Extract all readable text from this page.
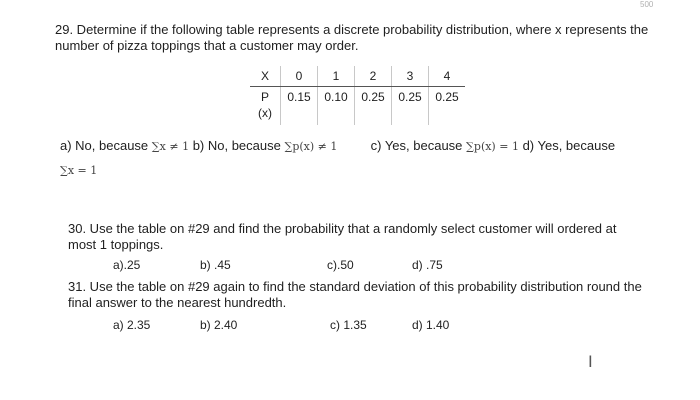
500
29. Determine if the following table represents a discrete probability distribution, where x represents the number of pizza toppings that a customer may order.
X	0	1	2	3	4
P(x)	0.15	0.10	0.25	0.25	0.25
a) No, because ∑x ≠ 1 b) No, because ∑p(x) ≠ 1	c) Yes, because ∑p(x) = 1 d) Yes, because
∑x = 1
30. Use the table on #29 and find the probability that a randomly select customer will ordered at most 1 toppings.
a).25	b) .45	c).50	d) .75
31. Use the table on #29 again to find the standard deviation of this probability distribution round the final answer to the nearest hundredth.
a) 2.35	b) 2.40	c) 1.35	d) 1.40
I
